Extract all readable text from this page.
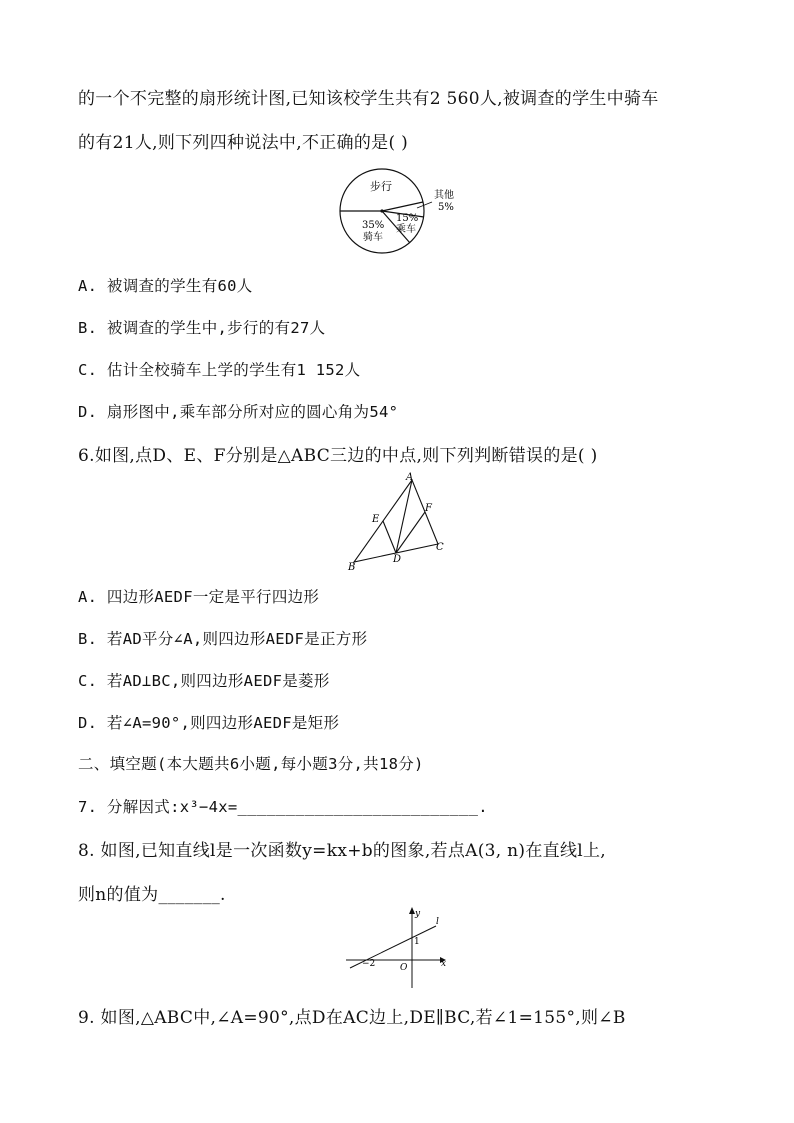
的一个不完整的扇形统计图,已知该校学生共有2 560人,被调查的学生中骑车
的有21人,则下列四种说法中,不正确的是( )
步行
其他
5%
15%
乘车
35%
骑车
A. 被调查的学生有60人
B. 被调查的学生中,步行的有27人
C. 估计全校骑车上学的学生有1 152人
D. 扇形图中,乘车部分所对应的圆心角为54°
6.如图,点D、E、F分别是△ABC三边的中点,则下列判断错误的是( )
A
B
C
D
E
F
A. 四边形AEDF一定是平行四边形
B. 若AD平分∠A,则四边形AEDF是正方形
C. 若AD⊥BC,则四边形AEDF是菱形
D. 若∠A=90°,则四边形AEDF是矩形
二、填空题(本大题共6小题,每小题3分,共18分)
7. 分解因式:x³−4x=_________________________.
8. 如图,已知直线l是一次函数y=kx+b的图象,若点A(3, n)在直线l上,
则n的值为_______.
y
x
l
1
−2	O
9. 如图,△ABC中,∠A=90°,点D在AC边上,DE∥BC,若∠1=155°,则∠B
